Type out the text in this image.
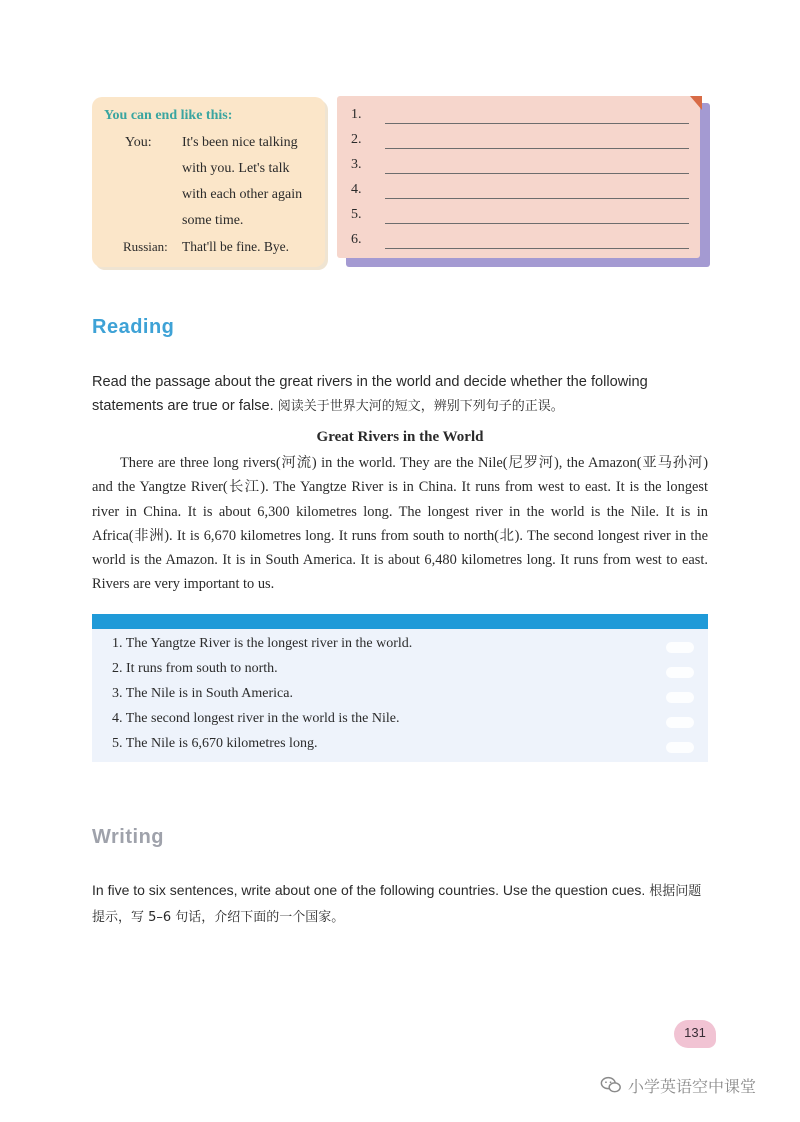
You can end like this:
You: It's been nice talking
with you. Let's talk
with each other again
some time.
Russian: That'll be fine. Bye.
1.
2.
3.
4.
5.
6.
Reading
Read the passage about the great rivers in the world and decide whether the following statements are true or false. 阅读关于世界大河的短文，辨别下列句子的正误。
Great Rivers in the World

There are three long rivers(河流) in the world. They are the Nile(尼罗河), the Amazon(亚马孙河) and the Yangtze River(长江). The Yangtze River is in China. It runs from west to east. It is the longest river in China. It is about 6,300 kilometres long. The longest river in the world is the Nile. It is in Africa(非洲). It is 6,670 kilometres long. It runs from south to north(北). The second longest river in the world is the Amazon. It is in South America. It is about 6,480 kilometres long. It runs from west to east. Rivers are very important to us.

1. The Yangtze River is the longest river in the world.
2. It runs from south to north.
3. The Nile is in South America.
4. The second longest river in the world is the Nile.
5. The Nile is 6,670 kilometres long.
Writing
In five to six sentences, write about one of the following countries. Use the question cues. 根据问题提示，写 5–6 句话，介绍下面的一个国家。
131
小学英语空中课堂
